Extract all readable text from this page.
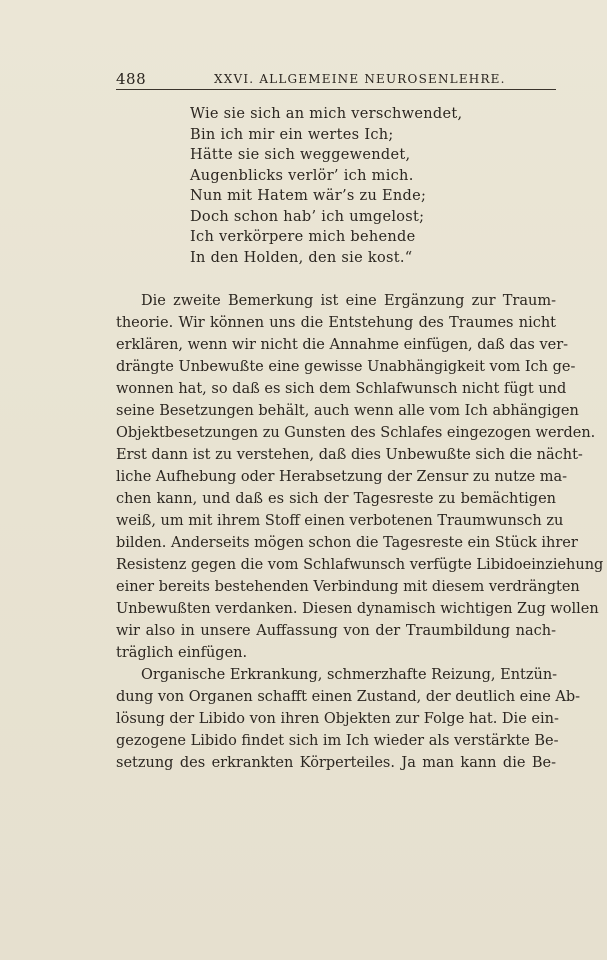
488	XXVI. ALLGEMEINE NEUROSENLEHRE.
Wie sie sich an mich verschwendet,
Bin ich mir ein wertes Ich;
Hätte sie sich weggewendet,
Augenblicks verlör’ ich mich.
Nun mit Hatem wär’s zu Ende;
Doch schon hab’ ich umgelost;
Ich verkörpere mich behende
In den Holden, den sie kost.“
Die zweite Bemerkung ist eine Ergänzung zur Traum-
theorie. Wir können uns die Entstehung des Traumes nicht
erklären, wenn wir nicht die Annahme einfügen, daß das ver-
drängte Unbewußte eine gewisse Unabhängigkeit vom Ich ge-
wonnen hat, so daß es sich dem Schlafwunsch nicht fügt und
seine Besetzungen behält, auch wenn alle vom Ich abhängigen
Objektbesetzungen zu Gunsten des Schlafes eingezogen werden.
Erst dann ist zu verstehen, daß dies Unbewußte sich die nächt-
liche Aufhebung oder Herabsetzung der Zensur zu nutze ma-
chen kann, und daß es sich der Tagesreste zu bemächtigen
weiß, um mit ihrem Stoff einen verbotenen Traumwunsch zu
bilden. Anderseits mögen schon die Tagesreste ein Stück ihrer
Resistenz gegen die vom Schlafwunsch verfügte Libidoeinziehung
einer bereits bestehenden Verbindung mit diesem verdrängten
Unbewußten verdanken. Diesen dynamisch wichtigen Zug wollen
wir also in unsere Auffassung von der Traumbildung nach-
träglich einfügen.
Organische Erkrankung, schmerzhafte Reizung, Entzün-
dung von Organen schafft einen Zustand, der deutlich eine Ab-
lösung der Libido von ihren Objekten zur Folge hat. Die ein-
gezogene Libido findet sich im Ich wieder als verstärkte Be-
setzung des erkrankten Körperteiles. Ja man kann die Be-
